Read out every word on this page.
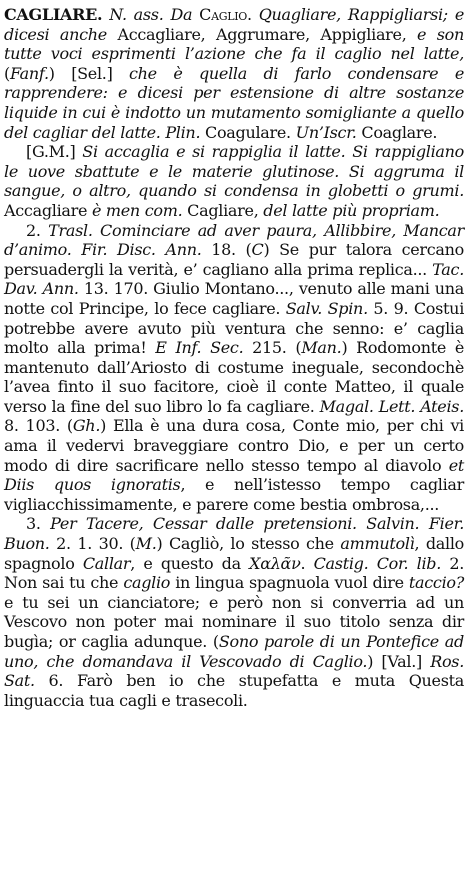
CAGLIARE. N. ass. Da Caglio. Quagliare, Rappigliarsi; e dicesi anche Accagliare, Aggrumare, Appigliare, e son tutte voci esprimenti l’azione che fa il caglio nel latte, (Fanf.) [Sel.] che è quella di farlo condensare e rapprendere: e dicesi per estensione di altre sostanze liquide in cui è indotto un mutamento somigliante a quello del cagliar del latte. Plin. Coagulare. Un’Iscr. Coaglare.

[G.M.] Si accaglia e si rappiglia il latte. Si rappigliano le uove sbattute e le materie glutinose. Si aggruma il sangue, o altro, quando si condensa in globetti o grumi. Accagliare è men com. Cagliare, del latte più propriam.

2. Trasl. Cominciare ad aver paura, Allibbire, Mancar d’animo. Fir. Disc. Ann. 18. (C) Se pur talora cercano persuadergli la verità, e’ cagliano alla prima replica... Tac. Dav. Ann. 13. 170. Giulio Montano..., venuto alle mani una notte col Principe, lo fece cagliare. Salv. Spin. 5. 9. Costui potrebbe avere avuto più ventura che senno: e’ caglia molto alla prima! E Inf. Sec. 215. (Man.) Rodomonte è mantenuto dall’Ariosto di costume ineguale, secondochè l’avea finto il suo facitore, cioè il conte Matteo, il quale verso la fine del suo libro lo fa cagliare. Magal. Lett. Ateis. 8. 103. (Gh.) Ella è una dura cosa, Conte mio, per chi vi ama il vedervi braveggiare contro Dio, e per un certo modo di dire sacrificare nello stesso tempo al diavolo et Diis quos ignoratis, e nell’istesso tempo cagliar vigliacchissimamente, e parere come bestia ombrosa,...

3. Per Tacere, Cessar dalle pretensioni. Salvin. Fier. Buon. 2. 1. 30. (M.) Cagliò, lo stesso che ammutolì, dallo spagnolo Callar, e questo da Χαλᾶν. Castig. Cor. lib. 2. Non sai tu che caglio in lingua spagnuola vuol dire taccio? e tu sei un cianciatore; e però non si converria ad un Vescovo non poter mai nominare il suo titolo senza dir bugìa; or caglia adunque. (Sono parole di un Pontefice ad uno, che domandava il Vescovado di Caglio.) [Val.] Ros. Sat. 6. Farò ben io che stupefatta e muta Questa linguaccia tua cagli e trasecoli.
